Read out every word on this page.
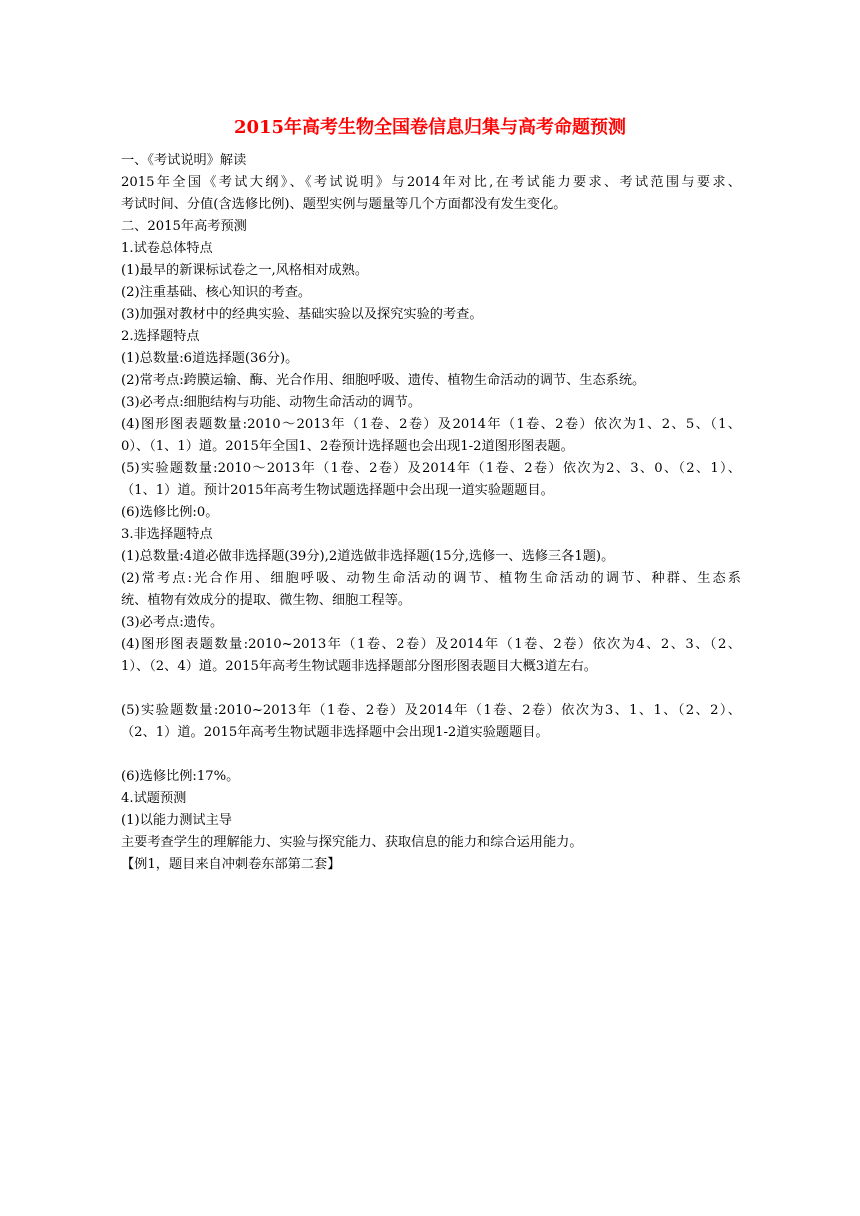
2015年高考生物全国卷信息归集与高考命题预测
一、《考试说明》解读
2015年全国《考试大纲》、《考试说明》与2014年对比,在考试能力要求、考试范围与要求、
考试时间、分值(含选修比例)、题型实例与题量等几个方面都没有发生变化。
二、2015年高考预测
1.试卷总体特点
(1)最早的新课标试卷之一,风格相对成熟。
(2)注重基础、核心知识的考查。
(3)加强对教材中的经典实验、基础实验以及探究实验的考查。
2.选择题特点
(1)总数量:6道选择题(36分)。
(2)常考点:跨膜运输、酶、光合作用、细胞呼吸、遗传、植物生命活动的调节、生态系统。
(3)必考点:细胞结构与功能、动物生命活动的调节。
(4)图形图表题数量:2010～2013年（1卷、2卷）及2014年（1卷、2卷）依次为1、2、5、（1、
0）、（1、1）道。2015年全国1、2卷预计选择题也会出现1-2道图形图表题。
(5)实验题数量:2010～2013年（1卷、2卷）及2014年（1卷、2卷）依次为2、3、0、（2、1）、
（1、1）道。预计2015年高考生物试题选择题中会出现一道实验题题目。
(6)选修比例:0。
3.非选择题特点
(1)总数量:4道必做非选择题(39分),2道选做非选择题(15分,选修一、选修三各1题)。
(2)常考点:光合作用、细胞呼吸、动物生命活动的调节、植物生命活动的调节、种群、生态系
统、植物有效成分的提取、微生物、细胞工程等。
(3)必考点:遗传。
(4)图形图表题数量:2010~2013年（1卷、2卷）及2014年（1卷、2卷）依次为4、2、3、（2、
1）、（2、4）道。2015年高考生物试题非选择题部分图形图表题目大概3道左右。
(5)实验题数量:2010~2013年（1卷、2卷）及2014年（1卷、2卷）依次为3、1、1、（2、2）、
（2、1）道。2015年高考生物试题非选择题中会出现1-2道实验题题目。
(6)选修比例:17%。
4.试题预测
(1)以能力测试主导
主要考查学生的理解能力、实验与探究能力、获取信息的能力和综合运用能力。
【例1，题目来自冲刺卷东部第二套】
